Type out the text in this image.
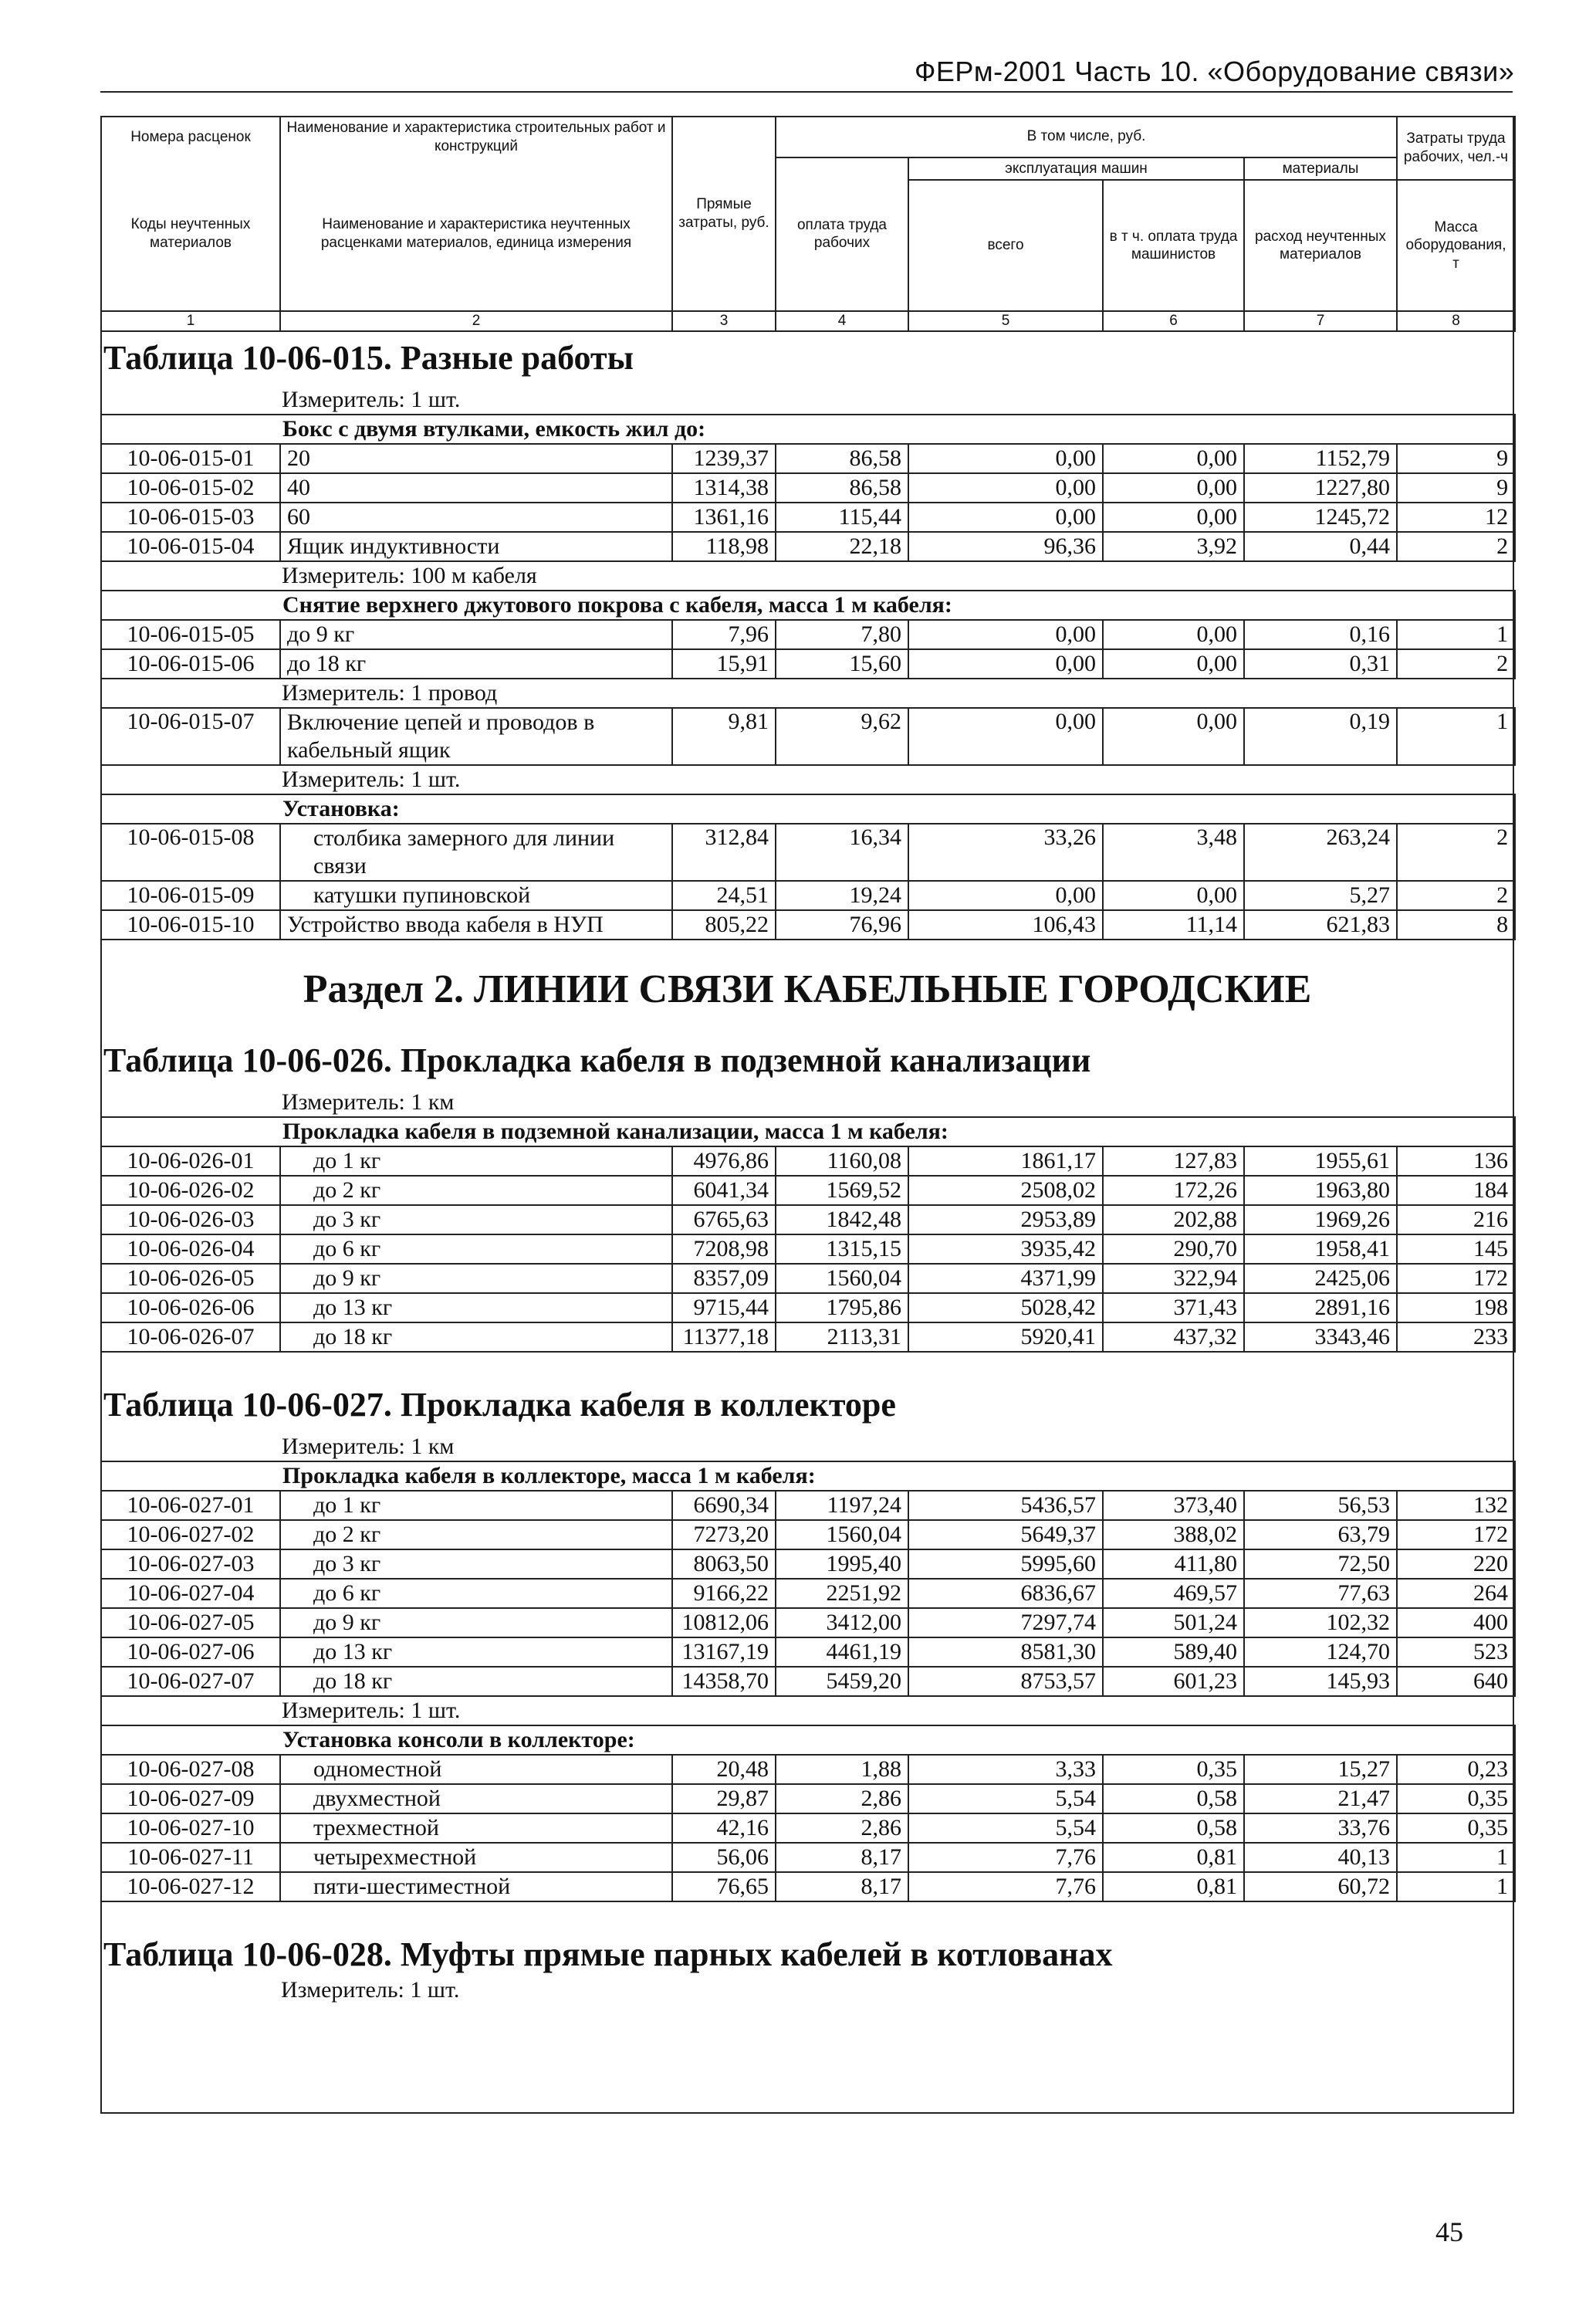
ФЕРм-2001 Часть 10. «Оборудование связи»
Номера расценок	Наименование и характеристика строительных работ и конструкций	Прямые затраты, руб.	В том числе, руб.				Затраты труда рабочих, чел.-ч
Коды неучтенных материалов	Наименование и характеристика неучтенных расценками материалов, единица измерения		оплата труда рабочих	эксплуатация машин		материалы	
				всего	в т ч. оплата труда машинистов	расход неучтенных материалов	Масса оборудования, т
1	2	3	4	5	6	7	8
Таблица 10-06-015. Разные работы
Измеритель: 1 шт.							
Бокс с двумя втулками, емкость жил до:							
10-06-015-01	20	1239,37	86,58	0,00	0,00	1152,79	9
10-06-015-02	40	1314,38	86,58	0,00	0,00	1227,80	9
10-06-015-03	60	1361,16	115,44	0,00	0,00	1245,72	12
10-06-015-04	Ящик индуктивности	118,98	22,18	96,36	3,92	0,44	2
Измеритель: 100 м кабеля							
Снятие верхнего джутового покрова с кабеля, масса 1 м кабеля:							
10-06-015-05	до 9 кг	7,96	7,80	0,00	0,00	0,16	1
10-06-015-06	до 18 кг	15,91	15,60	0,00	0,00	0,31	2
Измеритель: 1 провод							
10-06-015-07	Включение цепей и проводов в кабельный ящик	9,81	9,62	0,00	0,00	0,19	1
Измеритель: 1 шт.							
Установка:							
10-06-015-08	столбика замерного для линии связи	312,84	16,34	33,26	3,48	263,24	2
10-06-015-09	катушки пупиновской	24,51	19,24	0,00	0,00	5,27	2
10-06-015-10	Устройство ввода кабеля в НУП	805,22	76,96	106,43	11,14	621,83	8
Раздел 2. ЛИНИИ СВЯЗИ КАБЕЛЬНЫЕ ГОРОДСКИЕ
Таблица 10-06-026. Прокладка кабеля в подземной канализации
Измеритель: 1 км							
Прокладка кабеля в подземной канализации, масса 1 м кабеля:							
10-06-026-01	до 1 кг	4976,86	1160,08	1861,17	127,83	1955,61	136
10-06-026-02	до 2 кг	6041,34	1569,52	2508,02	172,26	1963,80	184
10-06-026-03	до 3 кг	6765,63	1842,48	2953,89	202,88	1969,26	216
10-06-026-04	до 6 кг	7208,98	1315,15	3935,42	290,70	1958,41	145
10-06-026-05	до 9 кг	8357,09	1560,04	4371,99	322,94	2425,06	172
10-06-026-06	до 13 кг	9715,44	1795,86	5028,42	371,43	2891,16	198
10-06-026-07	до 18 кг	11377,18	2113,31	5920,41	437,32	3343,46	233
Таблица 10-06-027. Прокладка кабеля в коллекторе
Измеритель: 1 км							
Прокладка кабеля в коллекторе, масса 1 м кабеля:							
10-06-027-01	до 1 кг	6690,34	1197,24	5436,57	373,40	56,53	132
10-06-027-02	до 2 кг	7273,20	1560,04	5649,37	388,02	63,79	172
10-06-027-03	до 3 кг	8063,50	1995,40	5995,60	411,80	72,50	220
10-06-027-04	до 6 кг	9166,22	2251,92	6836,67	469,57	77,63	264
10-06-027-05	до 9 кг	10812,06	3412,00	7297,74	501,24	102,32	400
10-06-027-06	до 13 кг	13167,19	4461,19	8581,30	589,40	124,70	523
10-06-027-07	до 18 кг	14358,70	5459,20	8753,57	601,23	145,93	640
Измеритель: 1 шт.							
Установка консоли в коллекторе:							
10-06-027-08	одноместной	20,48	1,88	3,33	0,35	15,27	0,23
10-06-027-09	двухместной	29,87	2,86	5,54	0,58	21,47	0,35
10-06-027-10	трехместной	42,16	2,86	5,54	0,58	33,76	0,35
10-06-027-11	четырехместной	56,06	8,17	7,76	0,81	40,13	1
10-06-027-12	пяти-шестиместной	76,65	8,17	7,76	0,81	60,72	1
Таблица 10-06-028. Муфты прямые парных кабелей в котлованах
Измеритель: 1 шт.
45
